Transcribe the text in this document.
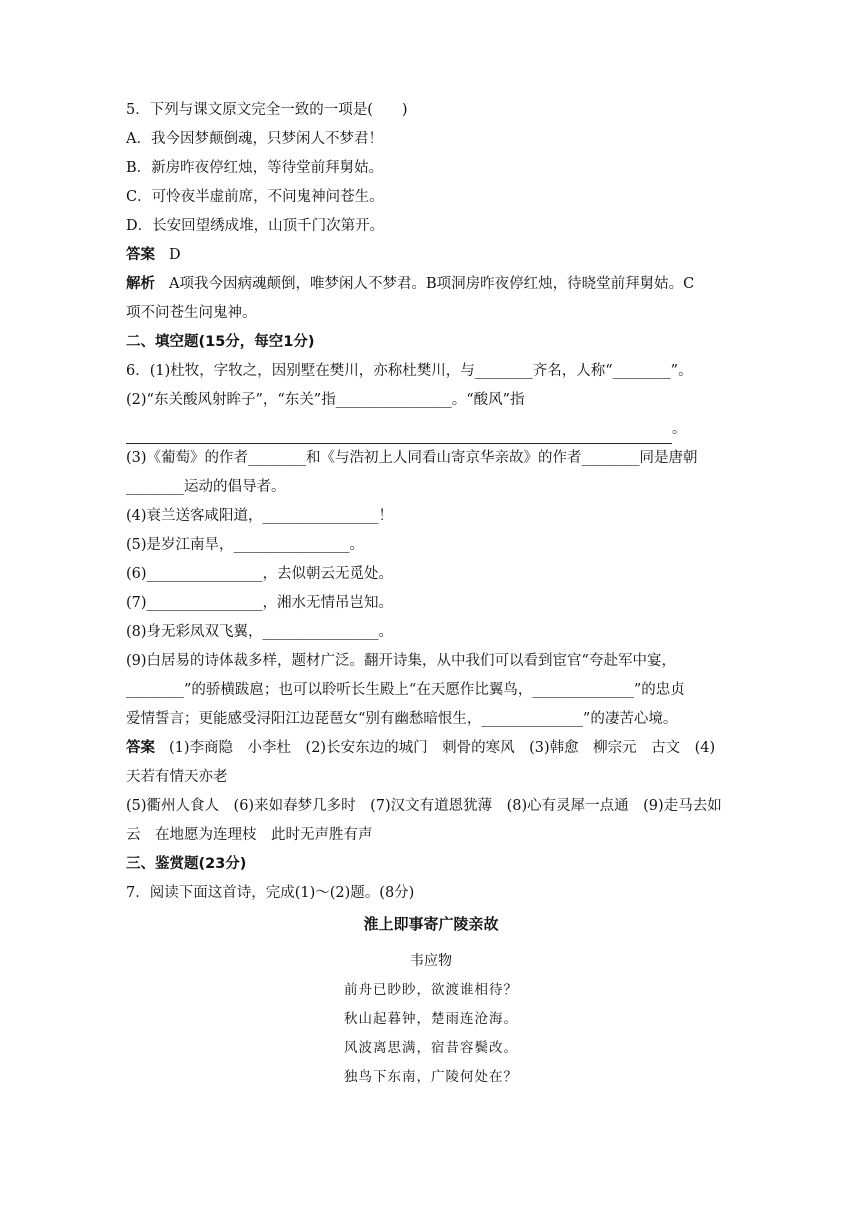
5．下列与课文原文完全一致的一项是(　　)
A．我今因梦颠倒魂，只梦闲人不梦君！
B．新房昨夜停红烛，等待堂前拜舅姑。
C．可怜夜半虚前席，不问鬼神问苍生。
D．长安回望绣成堆，山顶千门次第开。
答案 D
解析 A项我今因病魂颠倒，唯梦闲人不梦君。B项洞房昨夜停红烛，待晓堂前拜舅姑。C
项不问苍生问鬼神。
二、填空题(15分，每空1分)
6．(1)杜牧，字牧之，因别墅在樊川，亦称杜樊川，与________齐名，人称“________”。
(2)“东关酸风射眸子”，“东关”指________________。“酸风”指
。
(3)《葡萄》的作者________和《与浩初上人同看山寄京华亲故》的作者________同是唐朝
________运动的倡导者。
(4)衰兰送客咸阳道，________________！
(5)是岁江南旱，________________。
(6)________________，去似朝云无觅处。
(7)________________，湘水无情吊岂知。
(8)身无彩凤双飞翼，________________。
(9)白居易的诗体裁多样，题材广泛。翻开诗集，从中我们可以看到宦官“夸赴军中宴，
________”的骄横跋扈；也可以聆听长生殿上“在天愿作比翼鸟，______________”的忠贞
爱情誓言；更能感受浔阳江边琵琶女“别有幽愁暗恨生，______________”的凄苦心境。
答案 (1)李商隐　小李杜　(2)长安东边的城门　刺骨的寒风　(3)韩愈　柳宗元　古文　(4)
天若有情天亦老
(5)衢州人食人　(6)来如春梦几多时　(7)汉文有道恩犹薄　(8)心有灵犀一点通　(9)走马去如
云　在地愿为连理枝　此时无声胜有声
三、鉴赏题(23分)
7．阅读下面这首诗，完成(1)～(2)题。(8分)
淮上即事寄广陵亲故
韦应物
前舟已眇眇，欲渡谁相待？
秋山起暮钟，楚雨连沧海。
风波离思满，宿昔容鬓改。
独鸟下东南，广陵何处在？
